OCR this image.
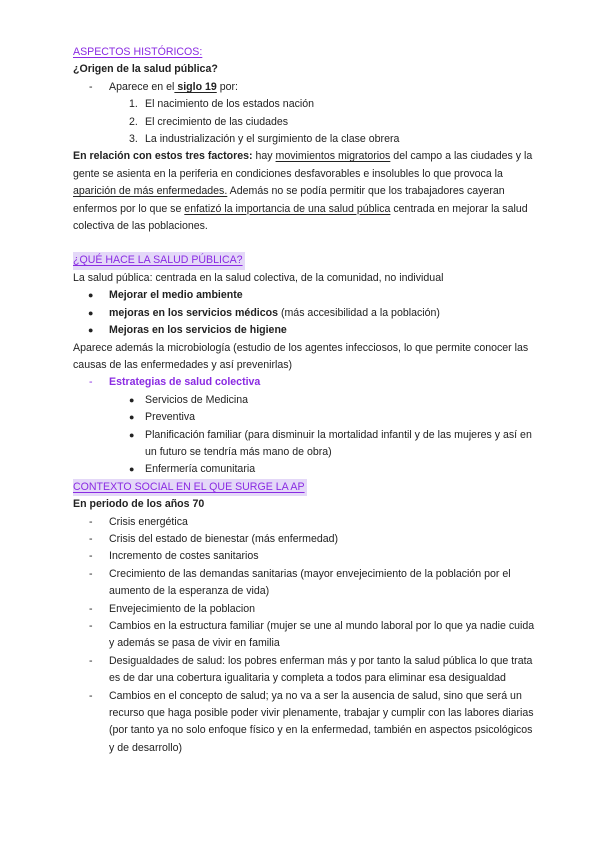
ASPECTOS HISTÓRICOS:
¿Origen de la salud pública?
- Aparece en el siglo 19 por:
1. El nacimiento de los estados nación
2. El crecimiento de las ciudades
3. La industrialización y el surgimiento de la clase obrera
En relación con estos tres factores: hay movimientos migratorios del campo a las ciudades y la gente se asienta en la periferia en condiciones desfavorables e insolubles lo que provoca la aparición de más enfermedades. Además no se podía permitir que los trabajadores cayeran enfermos por lo que se enfatizó la importancia de una salud pública centrada en mejorar la salud colectiva de las poblaciones.
¿QUÉ HACE LA SALUD PÚBLICA?
La salud pública: centrada en la salud colectiva, de la comunidad, no individual
● Mejorar el medio ambiente
● mejoras en los servicios médicos (más accesibilidad a la población)
● Mejoras en los servicios de higiene
Aparece además la microbiología (estudio de los agentes infecciosos, lo que permite conocer las causas de las enfermedades y así prevenirlas)
- Estrategias de salud colectiva
● Servicios de Medicina
● Preventiva
● Planificación familiar (para disminuir la mortalidad infantil y de las mujeres y así en un futuro se tendría más mano de obra)
● Enfermería comunitaria
CONTEXTO SOCIAL EN EL QUE SURGE LA AP
En periodo de los años 70
- Crisis energética
- Crisis del estado de bienestar (más enfermedad)
- Incremento de costes sanitarios
- Crecimiento de las demandas sanitarias (mayor envejecimiento de la población por el aumento de la esperanza de vida)
- Envejecimiento de la poblacion
- Cambios en la estructura familiar (mujer se une al mundo laboral por lo que ya nadie cuida y además se pasa de vivir en familia
- Desigualdades de salud: los pobres enferman más y por tanto la salud pública lo que trata es de dar una cobertura igualitaria y completa a todos para eliminar esa desigualdad
- Cambios en el concepto de salud; ya no va a ser la ausencia de salud, sino que será un recurso que haga posible poder vivir plenamente, trabajar y cumplir con las labores diarias (por tanto ya no solo enfoque físico y en la enfermedad, también en aspectos psicológicos y de desarrollo)
